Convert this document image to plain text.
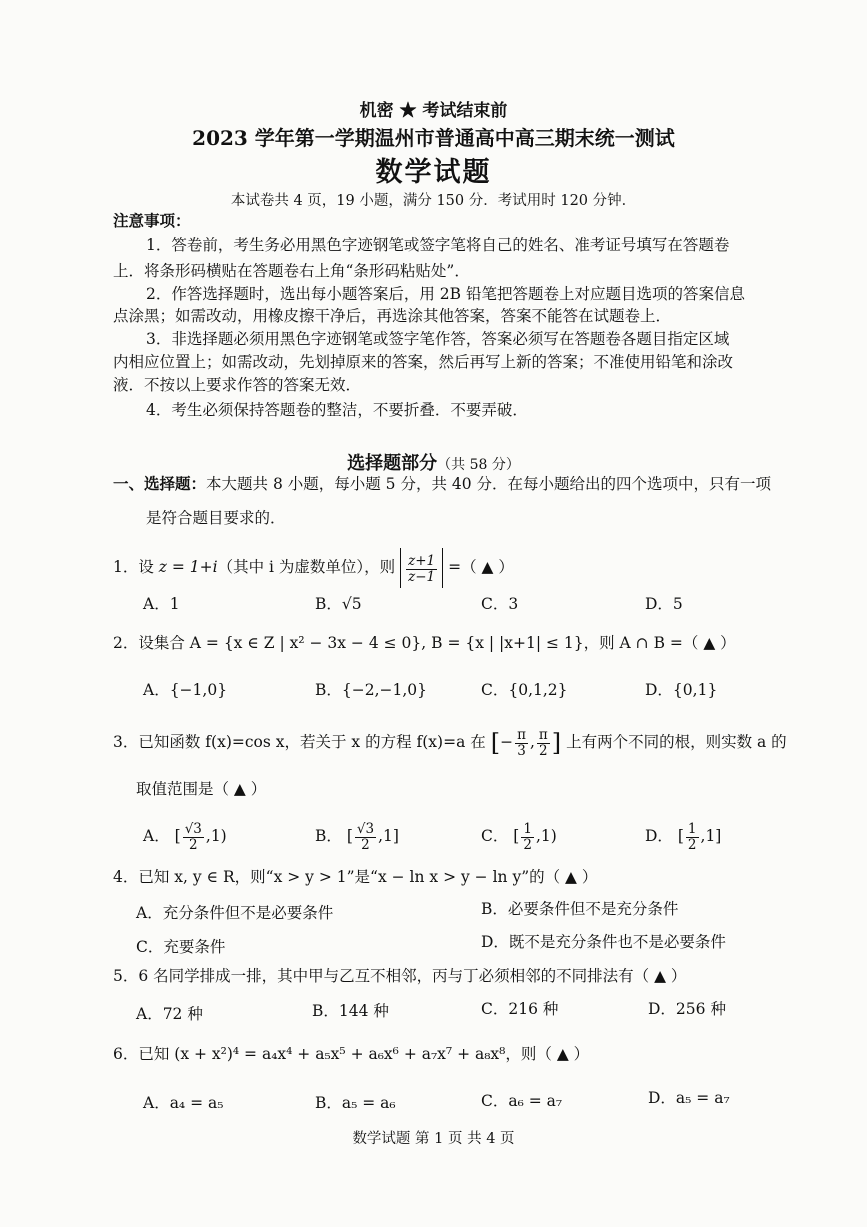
机密 ★ 考试结束前
2023 学年第一学期温州市普通高中高三期末统一测试
数学试题
本试卷共 4 页，19 小题，满分 150 分．考试用时 120 分钟．
注意事项：
1．答卷前，考生务必用黑色字迹钢笔或签字笔将自己的姓名、准考证号填写在答题卷
上．将条形码横贴在答题卷右上角“条形码粘贴处”．
2．作答选择题时，选出每小题答案后，用 2B 铅笔把答题卷上对应题目选项的答案信息
点涂黑；如需改动，用橡皮擦干净后，再选涂其他答案，答案不能答在试题卷上．
3．非选择题必须用黑色字迹钢笔或签字笔作答，答案必须写在答题卷各题目指定区域
内相应位置上；如需改动，先划掉原来的答案，然后再写上新的答案；不准使用铅笔和涂改
液．不按以上要求作答的答案无效．
4．考生必须保持答题卷的整洁，不要折叠．不要弄破．
选择题部分（共 58 分）
一、选择题：本大题共 8 小题，每小题 5 分，共 40 分．在每小题给出的四个选项中，只有一项
是符合题目要求的．
1．设 z = 1+i（其中 i 为虚数单位），则 $\frac{z+1}{z-1}$ =（ ▲ ）
A．1	B．√5	C．3	D．5
2．设集合 A = {x ∈ Z | x² − 3x − 4 ≤ 0}, B = {x | |x+1| ≤ 1}，则 A ∩ B =（ ▲ ）
A．{−1,0}	B．{−2,−1,0}	C．{0,1,2}	D．{0,1}
3．已知函数 f(x)=cos x，若关于 x 的方程 f(x)=a 在 [− $\frac{\pi}{3}$ , $\frac{\pi}{2}$ ] 上有两个不同的根，则实数 a 的
取值范围是（ ▲ ）
A． [ $\frac{√3}{2} ,1$)	B． [ $\frac{√3}{2} ,1$]	C． [ $\frac{1}{2} ,1$)	D． [ $\frac{1}{2} ,1$]
4．已知 x, y ∈ R，则“x > y > 1”是“x − ln x > y − ln y”的（ ▲ ）
A．充分条件但不是必要条件	B．必要条件但不是充分条件
C．充要条件	D．既不是充分条件也不是必要条件
5．6 名同学排成一排，其中甲与乙互不相邻，丙与丁必须相邻的不同排法有（ ▲ ）
A．72 种	B．144 种	C．216 种	D．256 种
6．已知 (x + x²)⁴ = a₄x⁴ + a₅x⁵ + a₆x⁶ + a₇x⁷ + a₈x⁸，则（ ▲ ）
A．a₄ = a₅	B．a₅ = a₆	C．a₆ = a₇	D．a₅ = a₇
数学试题 第 1 页 共 4 页
